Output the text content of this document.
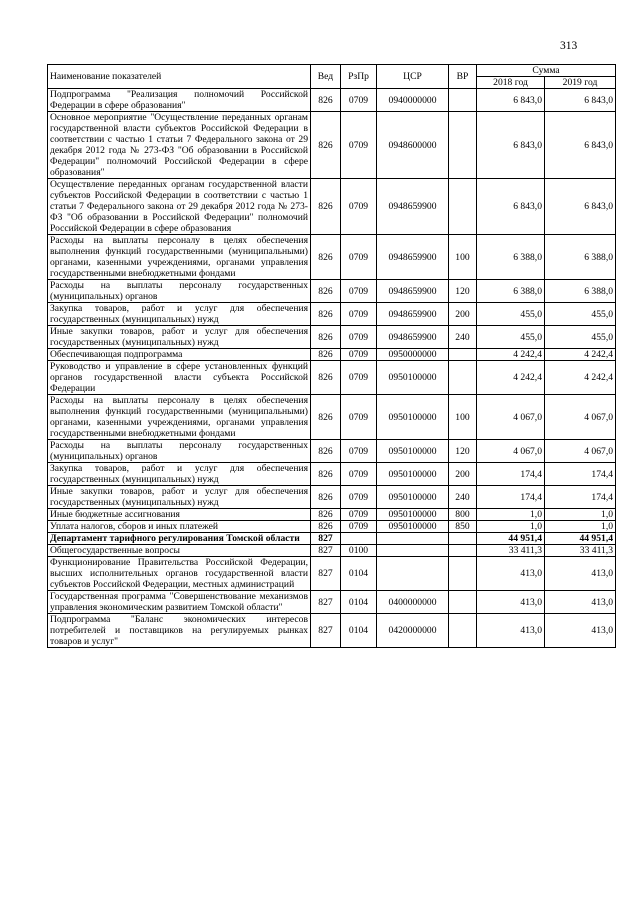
313
Наименование показателей	Вед	РзПр	ЦСР	ВР	Сумма	
					2018 год	2019 год
Подпрограмма "Реализация полномочий Российской Федерации в сфере образования"	826	0709	0940000000		6 843,0	6 843,0
Основное мероприятие "Осуществление переданных органам государственной власти субъектов Российской Федерации в соответствии с частью 1 статьи 7 Федерального закона от 29 декабря 2012 года № 273-ФЗ "Об образовании в Российской Федерации" полномочий Российской Федерации в сфере образования"	826	0709	0948600000		6 843,0	6 843,0
Осуществление переданных органам государственной власти субъектов Российской Федерации в соответствии с частью 1 статьи 7 Федерального закона от 29 декабря 2012 года № 273-ФЗ "Об образовании в Российской Федерации" полномочий Российской Федерации в сфере образования	826	0709	0948659900		6 843,0	6 843,0
Расходы на выплаты персоналу в целях обеспечения выполнения функций государственными (муниципальными) органами, казенными учреждениями, органами управления государственными внебюджетными фондами	826	0709	0948659900	100	6 388,0	6 388,0
Расходы на выплаты персоналу государственных (муниципальных) органов	826	0709	0948659900	120	6 388,0	6 388,0
Закупка товаров, работ и услуг для обеспечения государственных (муниципальных) нужд	826	0709	0948659900	200	455,0	455,0
Иные закупки товаров, работ и услуг для обеспечения государственных (муниципальных) нужд	826	0709	0948659900	240	455,0	455,0
Обеспечивающая подпрограмма	826	0709	0950000000		4 242,4	4 242,4
Руководство и управление в сфере установленных функций органов государственной власти субъекта Российской Федерации	826	0709	0950100000		4 242,4	4 242,4
Расходы на выплаты персоналу в целях обеспечения выполнения функций государственными (муниципальными) органами, казенными учреждениями, органами управления государственными внебюджетными фондами	826	0709	0950100000	100	4 067,0	4 067,0
Расходы на выплаты персоналу государственных (муниципальных) органов	826	0709	0950100000	120	4 067,0	4 067,0
Закупка товаров, работ и услуг для обеспечения государственных (муниципальных) нужд	826	0709	0950100000	200	174,4	174,4
Иные закупки товаров, работ и услуг для обеспечения государственных (муниципальных) нужд	826	0709	0950100000	240	174,4	174,4
Иные бюджетные ассигнования	826	0709	0950100000	800	1,0	1,0
Уплата налогов, сборов и иных платежей	826	0709	0950100000	850	1,0	1,0
Департамент тарифного регулирования Томской области	827				44 951,4	44 951,4
Общегосударственные вопросы	827	0100			33 411,3	33 411,3
Функционирование Правительства Российской Федерации, высших исполнительных органов государственной власти субъектов Российской Федерации, местных администраций	827	0104			413,0	413,0
Государственная программа "Совершенствование механизмов управления экономическим развитием Томской области"	827	0104	0400000000		413,0	413,0
Подпрограмма "Баланс экономических интересов потребителей и поставщиков на регулируемых рынках товаров и услуг"	827	0104	0420000000		413,0	413,0
